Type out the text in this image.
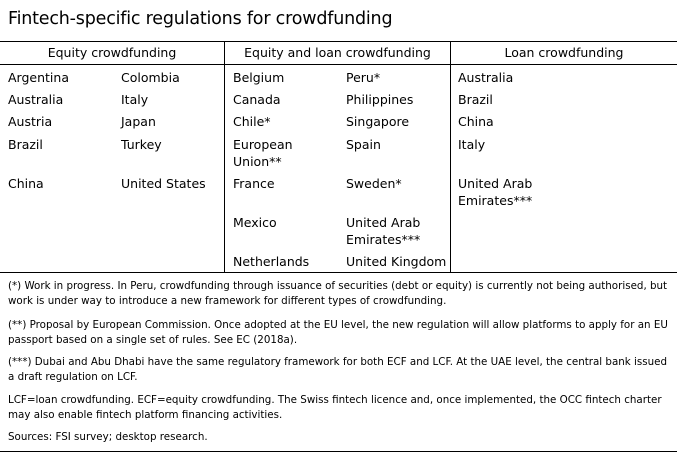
Fintech-specific regulations for crowdfunding
Equity crowdfunding	Equity and loan crowdfunding	Loan crowdfunding
Argentina
Australia
Austria
Brazil
China
Colombia
Italy
Japan
Turkey
United States
Belgium
Canada
Chile*
European Union**
France
Mexico
Netherlands
Peru*
Philippines
Singapore
Spain
Sweden*
United Arab Emirates***
United Kingdom
Australia
Brazil
China
Italy
United Arab Emirates***
(*) Work in progress. In Peru, crowdfunding through issuance of securities (debt or equity) is currently not being authorised, but work is under way to introduce a new framework for different types of crowdfunding.
(**) Proposal by European Commission. Once adopted at the EU level, the new regulation will allow platforms to apply for an EU passport based on a single set of rules. See EC (2018a).
(***) Dubai and Abu Dhabi have the same regulatory framework for both ECF and LCF. At the UAE level, the central bank issued a draft regulation on LCF.
LCF=loan crowdfunding. ECF=equity crowdfunding. The Swiss fintech licence and, once implemented, the OCC fintech charter may also enable fintech platform financing activities.
Sources: FSI survey; desktop research.
